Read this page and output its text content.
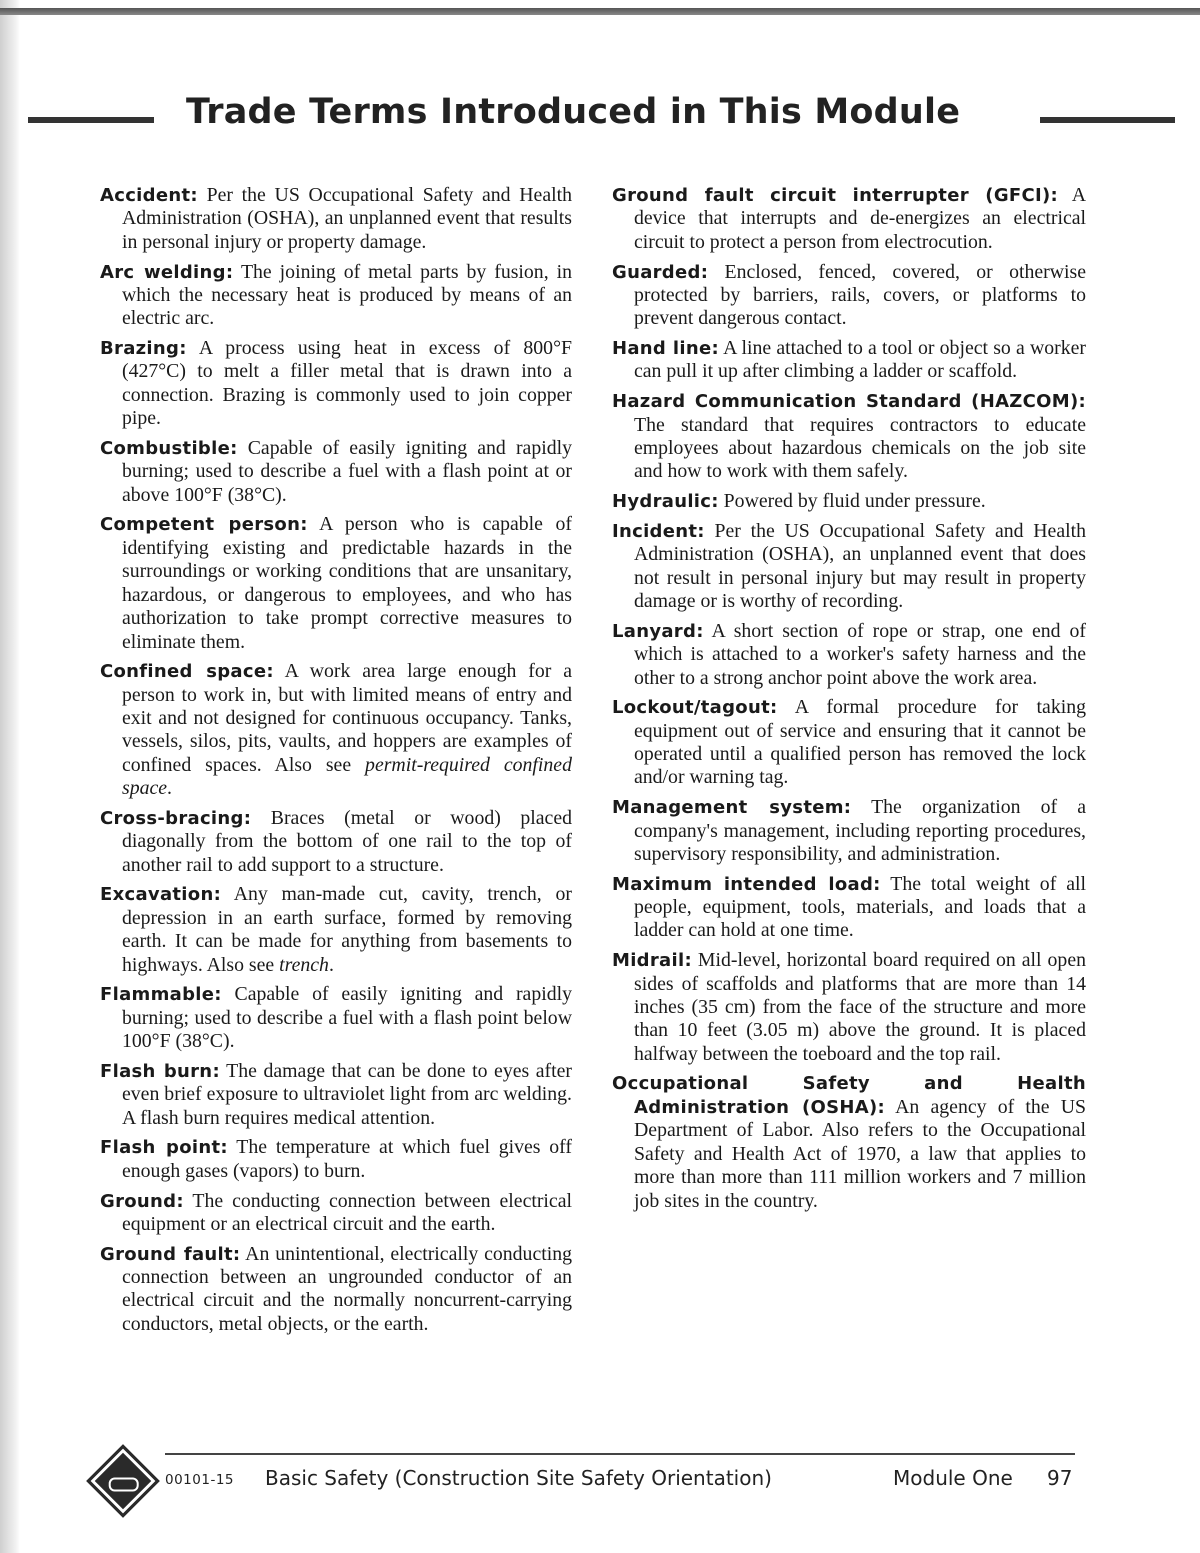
Trade Terms Introduced in This Module

Accident: Per the US Occupational Safety and Health Administration (OSHA), an unplanned event that results in personal injury or property damage.

Arc welding: The joining of metal parts by fusion, in which the necessary heat is produced by means of an electric arc.

Brazing: A process using heat in excess of 800°F (427°C) to melt a filler metal that is drawn into a connection. Brazing is commonly used to join copper pipe.

Combustible: Capable of easily igniting and rapidly burning; used to describe a fuel with a flash point at or above 100°F (38°C).

Competent person: A person who is capable of identifying existing and predictable hazards in the surroundings or working conditions that are unsanitary, hazardous, or dangerous to employees, and who has authorization to take prompt corrective measures to eliminate them.

Confined space: A work area large enough for a person to work in, but with limited means of entry and exit and not designed for continuous occupancy. Tanks, vessels, silos, pits, vaults, and hoppers are examples of confined spaces. Also see permit-required confined space.

Cross-bracing: Braces (metal or wood) placed diagonally from the bottom of one rail to the top of another rail to add support to a structure.

Excavation: Any man-made cut, cavity, trench, or depression in an earth surface, formed by removing earth. It can be made for anything from basements to highways. Also see trench.

Flammable: Capable of easily igniting and rapidly burning; used to describe a fuel with a flash point below 100°F (38°C).

Flash burn: The damage that can be done to eyes after even brief exposure to ultraviolet light from arc welding. A flash burn requires medical attention.

Flash point: The temperature at which fuel gives off enough gases (vapors) to burn.

Ground: The conducting connection between electrical equipment or an electrical circuit and the earth.

Ground fault: An unintentional, electrically conducting connection between an ungrounded conductor of an electrical circuit and the normally noncurrent-carrying conductors, metal objects, or the earth.

Ground fault circuit interrupter (GFCI): A device that interrupts and de-energizes an electrical circuit to protect a person from electrocution.

Guarded: Enclosed, fenced, covered, or otherwise protected by barriers, rails, covers, or platforms to prevent dangerous contact.

Hand line: A line attached to a tool or object so a worker can pull it up after climbing a ladder or scaffold.

Hazard Communication Standard (HAZCOM): The standard that requires contractors to educate employees about hazardous chemicals on the job site and how to work with them safely.

Hydraulic: Powered by fluid under pressure.

Incident: Per the US Occupational Safety and Health Administration (OSHA), an unplanned event that does not result in personal injury but may result in property damage or is worthy of recording.

Lanyard: A short section of rope or strap, one end of which is attached to a worker's safety harness and the other to a strong anchor point above the work area.

Lockout/tagout: A formal procedure for taking equipment out of service and ensuring that it cannot be operated until a qualified person has removed the lock and/or warning tag.

Management system: The organization of a company's management, including reporting procedures, supervisory responsibility, and administration.

Maximum intended load: The total weight of all people, equipment, tools, materials, and loads that a ladder can hold at one time.

Midrail: Mid-level, horizontal board required on all open sides of scaffolds and platforms that are more than 14 inches (35 cm) from the face of the structure and more than 10 feet (3.05 m) above the ground. It is placed halfway between the toeboard and the top rail.

Occupational Safety and Health Administration (OSHA): An agency of the US Department of Labor. Also refers to the Occupational Safety and Health Act of 1970, a law that applies to more than more than 111 million workers and 7 million job sites in the country.

00101-15 Basic Safety (Construction Site Safety Orientation)	Module One 97
